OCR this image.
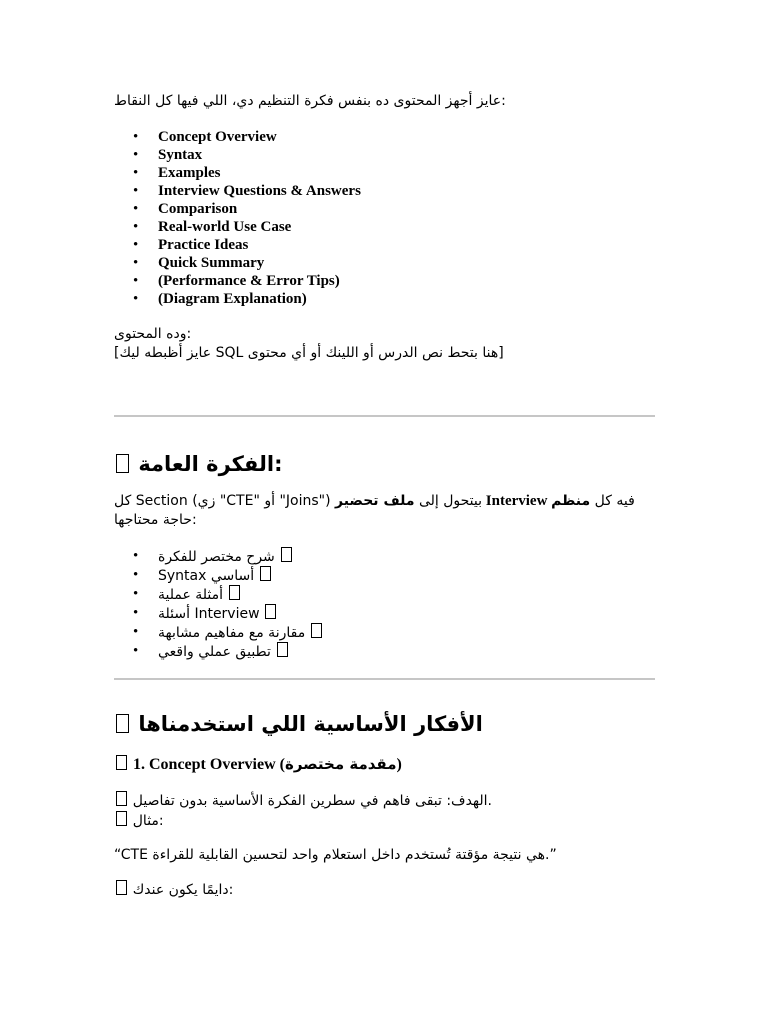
عايز أجهز المحتوى ده بنفس فكرة التنظيم دي، اللي فيها كل النقاط:

• Concept Overview
• Syntax
• Examples
• Interview Questions & Answers
• Comparison
• Real-world Use Case
• Practice Ideas
• Quick Summary
• (Performance & Error Tips)
• (Diagram Explanation)

وده المحتوى:

[عايز أظبطه ليك SQL هنا بتحط نص الدرس أو اللينك أو أي محتوى]

الفكرة العامة:

كل Section (زي "CTE" أو "Joins") بيتحول إلى ملف تحضير	Interview	فيه كل منظم

حاجة محتاجها:

• شرح مختصر للفكرة
• Syntax أساسي
• أمثلة عملية
• أسئلة Interview
• مقارنة مع مفاهيم مشابهة
• تطبيق عملي واقعي

الأفكار الأساسية اللي استخدمناها

1. Concept Overview (مقدمة مختصرة)

الهدف: تبقى فاهم في سطرين الفكرة الأساسية بدون تفاصيل.

مثال:

“CTE هي نتيجة مؤقتة تُستخدم داخل استعلام واحد لتحسين القابلية للقراءة.”

دايمًا يكون عندك:
